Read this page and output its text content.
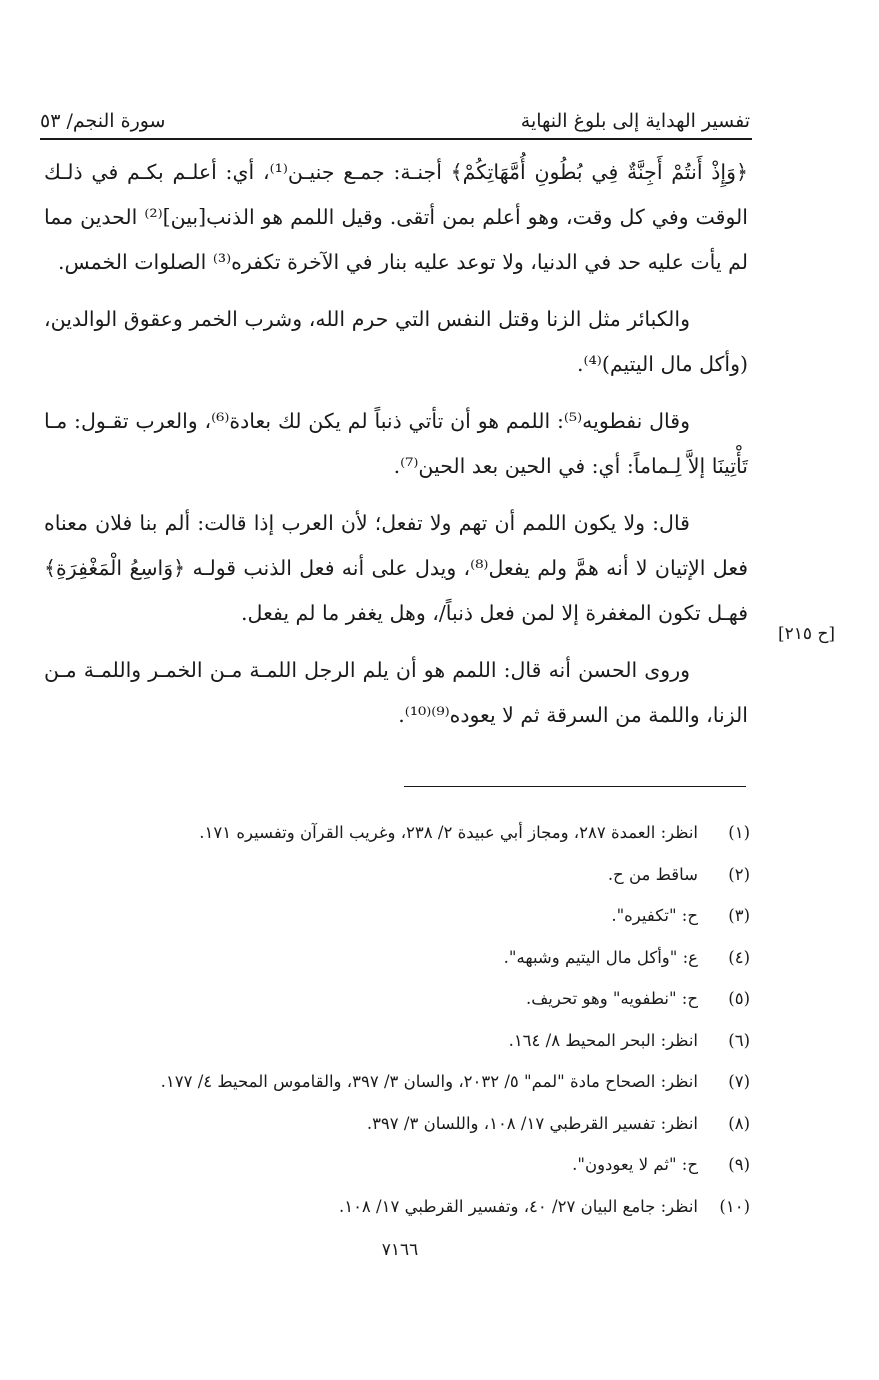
تفسير الهداية إلى بلوغ النهاية
سورة النجم/ ٥٣

﴿وَإِذْ أَنتُمْ أَجِنَّةٌ فِي بُطُونِ أُمَّهَاتِكُمْ﴾ أجنـة: جمـع جنيـن⁽¹⁾، أي: أعلـم بكـم في ذلـك الوقت وفي كل وقت، وهو أعلم بمن أتقى. وقيل اللمم هو الذنب[بين]⁽²⁾ الحدين مما لم يأت عليه حد في الدنيا، ولا توعد عليه بنار في الآخرة تكفره⁽³⁾ الصلوات الخمس.

والكبائر مثل الزنا وقتل النفس التي حرم الله، وشرب الخمر وعقوق الوالدين، (وأكل مال اليتيم)⁽⁴⁾.

وقال نفطويه⁽⁵⁾: اللمم هو أن تأتي ذنباً لم يكن لك بعادة⁽⁶⁾، والعرب تقـول: مـا تَأْتِينَا إلاَّ لِـماماً: أي: في الحين بعد الحين⁽⁷⁾.

قال: ولا يكون اللمم أن تهم ولا تفعل؛ لأن العرب إذا قالت: ألم بنا فلان معناه فعل الإتيان لا أنه همَّ ولم يفعل⁽⁸⁾، ويدل على أنه فعل الذنب قولـه ﴿وَاسِعُ الْمَغْفِرَةِ﴾ فهـل تكون المغفرة إلا لمن فعل ذنباً/، وهل يغفر ما لم يفعل.

وروى الحسن أنه قال: اللمم هو أن يلم الرجل اللمـة مـن الخمـر واللمـة مـن الزنا، واللمة من السرقة ثم لا يعوده⁽⁹⁾⁽¹⁰⁾.

[ح ٢١٥]
(١)
انظر: العمدة ٢٨٧، ومجاز أبي عبيدة ٢/ ٢٣٨، وغريب القرآن وتفسيره ١٧١.
(٢)
ساقط من ح.
(٣)
ح: "تكفيره".
(٤)
ع: "وأكل مال اليتيم وشبهه".
(٥)
ح: "نطفويه" وهو تحريف.
(٦)
انظر: البحر المحيط ٨/ ١٦٤.
(٧)
انظر: الصحاح مادة "لمم" ٥/ ٢٠٣٢، والسان ٣/ ٣٩٧، والقاموس المحيط ٤/ ١٧٧.
(٨)
انظر: تفسير القرطبي ١٧/ ١٠٨، واللسان ٣/ ٣٩٧.
(٩)
ح: "ثم لا يعودون".
(١٠)
انظر: جامع البيان ٢٧/ ٤٠، وتفسير القرطبي ١٧/ ١٠٨.
٧١٦٦
